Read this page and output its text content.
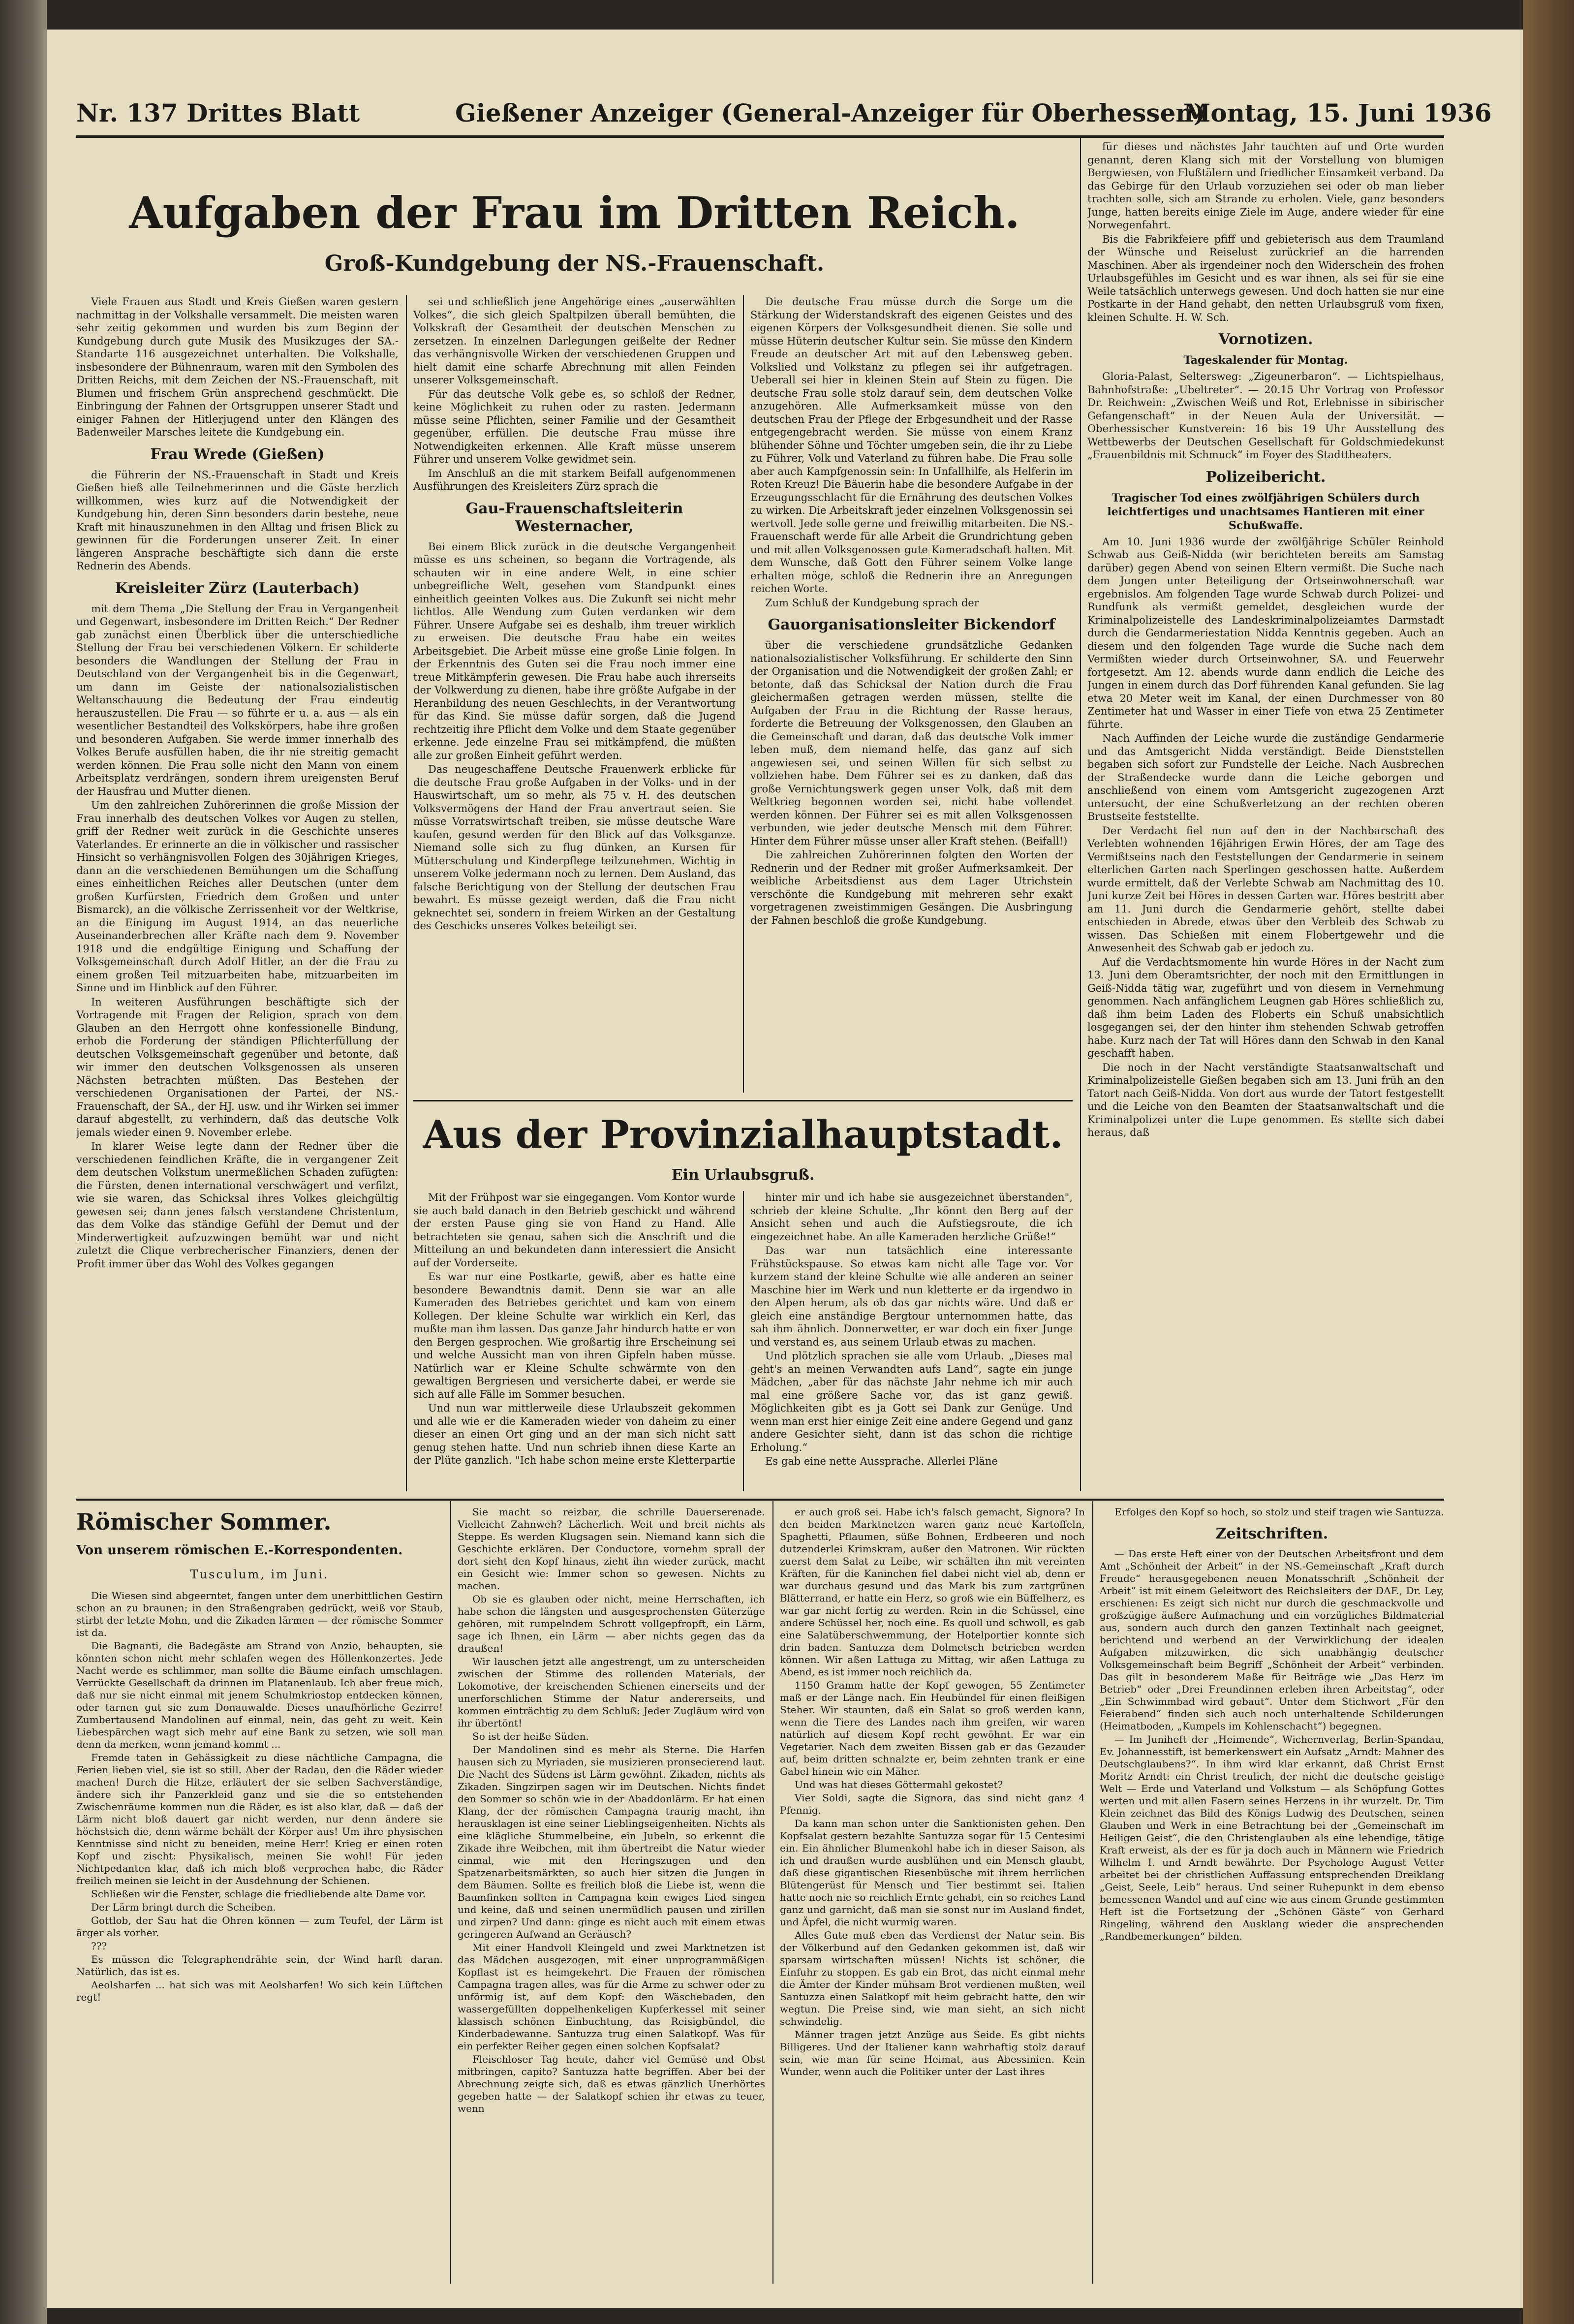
Nr. 137 Drittes Blatt	Gießener Anzeiger (General-Anzeiger für Oberhessen)
Montag, 15. Juni 1936
Aufgaben der Frau im Dritten Reich.
Groß-Kundgebung der NS.-Frauenschaft.

Viele Frauen aus Stadt und Kreis Gießen waren gestern nachmittag in der Volkshalle versammelt. Die meisten waren sehr zeitig gekommen und wurden bis zum Beginn der Kundgebung durch gute Musik des Musikzuges der SA.-Standarte 116 ausgezeichnet unterhalten. Die Volkshalle, insbesondere der Bühnenraum, waren mit den Symbolen des Dritten Reichs, mit dem Zeichen der NS.-Frauenschaft, mit Blumen und frischem Grün ansprechend geschmückt. Die Einbringung der Fahnen der Ortsgruppen unserer Stadt und einiger Fahnen der Hitlerjugend unter den Klängen des Badenweiler Marsches leitete die Kundgebung ein.

Frau Wrede (Gießen)

die Führerin der NS.-Frauenschaft in Stadt und Kreis Gießen hieß alle Teilnehmerinnen und die Gäste herzlich willkommen, wies kurz auf die Notwendigkeit der Kundgebung hin, deren Sinn besonders darin bestehe, neue Kraft mit hinauszunehmen in den Alltag und frisen Blick zu gewinnen für die Forderungen unserer Zeit. In einer längeren Ansprache beschäftigte sich dann die erste Rednerin des Abends.

Kreisleiter Zürz (Lauterbach)

mit dem Thema „Die Stellung der Frau in Vergangenheit und Gegenwart, insbesondere im Dritten Reich.“ Der Redner gab zunächst einen Überblick über die unterschiedliche Stellung der Frau bei verschiedenen Völkern. Er schilderte besonders die Wandlungen der Stellung der Frau in Deutschland von der Vergangenheit bis in die Gegenwart, um dann im Geiste der nationalsozialistischen Weltanschauung die Bedeutung der Frau eindeutig herauszustellen. Die Frau — so führte er u. a. aus — als ein wesentlicher Bestandteil des Volkskörpers, habe ihre großen und besonderen Aufgaben. Sie werde immer innerhalb des Volkes Berufe ausfüllen haben, die ihr nie streitig gemacht werden können. Die Frau solle nicht den Mann von einem Arbeitsplatz verdrängen, sondern ihrem ureigensten Beruf der Hausfrau und Mutter dienen.

Um den zahlreichen Zuhörerinnen die große Mission der Frau innerhalb des deutschen Volkes vor Augen zu stellen, griff der Redner weit zurück in die Geschichte unseres Vaterlandes. Er erinnerte an die in völkischer und rassischer Hinsicht so verhängnisvollen Folgen des 30jährigen Krieges, dann an die verschiedenen Bemühungen um die Schaffung eines einheitlichen Reiches aller Deutschen (unter dem großen Kurfürsten, Friedrich dem Großen und unter Bismarck), an die völkische Zerrissenheit vor der Weltkrise, an die Einigung im August 1914, an das neuerliche Auseinanderbrechen aller Kräfte nach dem 9. November 1918 und die endgültige Einigung und Schaffung der Volksgemeinschaft durch Adolf Hitler, an der die Frau zu einem großen Teil mitzuarbeiten habe, mitzuarbeiten im Sinne und im Hinblick auf den Führer.

In weiteren Ausführungen beschäftigte sich der Vortragende mit Fragen der Religion, sprach von dem Glauben an den Herrgott ohne konfessionelle Bindung, erhob die Forderung der ständigen Pflichterfüllung der deutschen Volksgemeinschaft gegenüber und betonte, daß wir immer den deutschen Volksgenossen als unseren Nächsten betrachten müßten. Das Bestehen der verschiedenen Organisationen der Partei, der NS.-Frauenschaft, der SA., der HJ. usw. und ihr Wirken sei immer darauf abgestellt, zu verhindern, daß das deutsche Volk jemals wieder einen 9. November erlebe.

In klarer Weise legte dann der Redner über die verschiedenen feindlichen Kräfte, die in vergangener Zeit dem deutschen Volkstum unermeßlichen Schaden zufügten: die Fürsten, denen international verschwägert und verfilzt, wie sie waren, das Schicksal ihres Volkes gleichgültig gewesen sei; dann jenes falsch verstandene Christentum, das dem Volke das ständige Gefühl der Demut und der Minderwertigkeit aufzuzwingen bemüht war und nicht zuletzt die Clique verbrecherischer Finanziers, denen der Profit immer über das Wohl des Volkes gegangen

sei und schließlich jene Angehörige eines „auserwählten Volkes“, die sich gleich Spaltpilzen überall bemühten, die Volkskraft der Gesamtheit der deutschen Menschen zu zersetzen. In einzelnen Darlegungen geißelte der Redner das verhängnisvolle Wirken der verschiedenen Gruppen und hielt damit eine scharfe Abrechnung mit allen Feinden unserer Volksgemeinschaft.

Für das deutsche Volk gebe es, so schloß der Redner, keine Möglichkeit zu ruhen oder zu rasten. Jedermann müsse seine Pflichten, seiner Familie und der Gesamtheit gegenüber, erfüllen. Die deutsche Frau müsse ihre Notwendigkeiten erkennen. Alle Kraft müsse unserem Führer und unserem Volke gewidmet sein.

Im Anschluß an die mit starkem Beifall aufgenommenen Ausführungen des Kreisleiters Zürz sprach die

Gau-Frauenschaftsleiterin Westernacher,

Bei einem Blick zurück in die deutsche Vergangenheit müsse es uns scheinen, so begann die Vortragende, als schauten wir in eine andere Welt, in eine schier unbegreifliche Welt, gesehen vom Standpunkt eines einheitlich geeinten Volkes aus. Die Zukunft sei nicht mehr lichtlos. Alle Wendung zum Guten verdanken wir dem Führer. Unsere Aufgabe sei es deshalb, ihm treuer wirklich zu erweisen. Die deutsche Frau habe ein weites Arbeitsgebiet. Die Arbeit müsse eine große Linie folgen. In der Erkenntnis des Guten sei die Frau noch immer eine treue Mitkämpferin gewesen. Die Frau habe auch ihrerseits der Volkwerdung zu dienen, habe ihre größte Aufgabe in der Heranbildung des neuen Geschlechts, in der Verantwortung für das Kind. Sie müsse dafür sorgen, daß die Jugend rechtzeitig ihre Pflicht dem Volke und dem Staate gegenüber erkenne. Jede einzelne Frau sei mitkämpfend, die müßten alle zur großen Einheit geführt werden.

Das neugeschaffene Deutsche Frauenwerk erblicke für die deutsche Frau große Aufgaben in der Volks- und in der Hauswirtschaft, um so mehr, als 75 v. H. des deutschen Volksvermögens der Hand der Frau anvertraut seien. Sie müsse Vorratswirtschaft treiben, sie müsse deutsche Ware kaufen, gesund werden für den Blick auf das Volksganze. Niemand solle sich zu flug dünken, an Kursen für Mütterschulung und Kinderpflege teilzunehmen. Wichtig in unserem Volke jedermann noch zu lernen. Dem Ausland, das falsche Berichtigung von der Stellung der deutschen Frau bewahrt. Es müsse gezeigt werden, daß die Frau nicht geknechtet sei, sondern in freiem Wirken an der Gestaltung des Geschicks unseres Volkes beteiligt sei.

Die deutsche Frau müsse durch die Sorge um die Stärkung der Widerstandskraft des eigenen Geistes und des eigenen Körpers der Volksgesundheit dienen. Sie solle und müsse Hüterin deutscher Kultur sein. Sie müsse den Kindern Freude an deutscher Art mit auf den Lebensweg geben. Volkslied und Volkstanz zu pflegen sei ihr aufgetragen. Ueberall sei hier in kleinen Stein auf Stein zu fügen. Die deutsche Frau solle stolz darauf sein, dem deutschen Volke anzugehören. Alle Aufmerksamkeit müsse von den deutschen Frau der Pflege der Erbgesundheit und der Rasse entgegengebracht werden. Sie müsse von einem Kranz blühender Söhne und Töchter umgeben sein, die ihr zu Liebe zu Führer, Volk und Vaterland zu führen habe. Die Frau solle aber auch Kampfgenossin sein: In Unfallhilfe, als Helferin im Roten Kreuz! Die Bäuerin habe die besondere Aufgabe in der Erzeugungsschlacht für die Ernährung des deutschen Volkes zu wirken. Die Arbeitskraft jeder einzelnen Volksgenossin sei wertvoll. Jede solle gerne und freiwillig mitarbeiten. Die NS.-Frauenschaft werde für alle Arbeit die Grundrichtung geben und mit allen Volksgenossen gute Kameradschaft halten. Mit dem Wunsche, daß Gott den Führer seinem Volke lange erhalten möge, schloß die Rednerin ihre an Anregungen reichen Worte.

Zum Schluß der Kundgebung sprach der

Gauorganisationsleiter Bickendorf

über die verschiedene grundsätzliche Gedanken nationalsozialistischer Volksführung. Er schilderte den Sinn der Organisation und die Notwendigkeit der großen Zahl; er betonte, daß das Schicksal der Nation durch die Frau gleichermaßen getragen werden müssen, stellte die Aufgaben der Frau in die Richtung der Rasse heraus, forderte die Betreuung der Volksgenossen, den Glauben an die Gemeinschaft und daran, daß das deutsche Volk immer leben muß, dem niemand helfe, das ganz auf sich angewiesen sei, und seinen Willen für sich selbst zu vollziehen habe. Dem Führer sei es zu danken, daß das große Vernichtungswerk gegen unser Volk, daß mit dem Weltkrieg begonnen worden sei, nicht habe vollendet werden können. Der Führer sei es mit allen Volksgenossen verbunden, wie jeder deutsche Mensch mit dem Führer. Hinter dem Führer müsse unser aller Kraft stehen. (Beifall!)

Die zahlreichen Zuhörerinnen folgten den Worten der Rednerin und der Redner mit großer Aufmerksamkeit. Der weibliche Arbeitsdienst aus dem Lager Utrichstein verschönte die Kundgebung mit mehreren sehr exakt vorgetragenen zweistimmigen Gesängen. Die Ausbringung der Fahnen beschloß die große Kundgebung.

Aus der Provinzialhauptstadt.
Ein Urlaubsgruß.

Mit der Frühpost war sie eingegangen. Vom Kontor wurde sie auch bald danach in den Betrieb geschickt und während der ersten Pause ging sie von Hand zu Hand. Alle betrachteten sie genau, sahen sich die Anschrift und die Mitteilung an und bekundeten dann interessiert die Ansicht auf der Vorderseite.

Es war nur eine Postkarte, gewiß, aber es hatte eine besondere Bewandtnis damit. Denn sie war an alle Kameraden des Betriebes gerichtet und kam von einem Kollegen. Der kleine Schulte war wirklich ein Kerl, das mußte man ihm lassen. Das ganze Jahr hindurch hatte er von den Bergen gesprochen. Wie großartig ihre Erscheinung sei und welche Aussicht man von ihren Gipfeln haben müsse. Natürlich war er Kleine Schulte schwärmte von den gewaltigen Bergriesen und versicherte dabei, er werde sie sich auf alle Fälle im Sommer besuchen.

Und nun war mittlerweile diese Urlaubszeit gekommen und alle wie er die Kameraden wieder von daheim zu einer dieser an einen Ort ging und an der man sich nicht satt genug stehen hatte. Und nun schrieb ihnen diese Karte an der Plüte ganzlich. "Ich habe schon meine erste Kletterpartie

hinter mir und ich habe sie ausgezeichnet überstanden", schrieb der kleine Schulte. „Ihr könnt den Berg auf der Ansicht sehen und auch die Aufstiegsroute, die ich eingezeichnet habe. An alle Kameraden herzliche Grüße!“

Das war nun tatsächlich eine interessante Frühstückspause. So etwas kam nicht alle Tage vor. Vor kurzem stand der kleine Schulte wie alle anderen an seiner Maschine hier im Werk und nun kletterte er da irgendwo in den Alpen herum, als ob das gar nichts wäre. Und daß er gleich eine anständige Bergtour unternommen hatte, das sah ihm ähnlich. Donnerwetter, er war doch ein fixer Junge und verstand es, aus seinem Urlaub etwas zu machen.

Und plötzlich sprachen sie alle vom Urlaub. „Dieses mal geht's an meinen Verwandten aufs Land“, sagte ein junge Mädchen, „aber für das nächste Jahr nehme ich mir auch mal eine größere Sache vor, das ist ganz gewiß. Möglichkeiten gibt es ja Gott sei Dank zur Genüge. Und wenn man erst hier einige Zeit eine andere Gegend und ganz andere Gesichter sieht, dann ist das schon die richtige Erholung.“

Es gab eine nette Aussprache. Allerlei Pläne

für dieses und nächstes Jahr tauchten auf und Orte wurden genannt, deren Klang sich mit der Vorstellung von blumigen Bergwiesen, von Flußtälern und friedlicher Einsamkeit verband. Da das Gebirge für den Urlaub vorzuziehen sei oder ob man lieber trachten solle, sich am Strande zu erholen. Viele, ganz besonders Junge, hatten bereits einige Ziele im Auge, andere wieder für eine Norwegenfahrt.

Bis die Fabrikfeiere pfiff und gebieterisch aus dem Traumland der Wünsche und Reiselust zurückrief an die harrenden Maschinen. Aber als irgendeiner noch den Widerschein des frohen Urlaubsgefühles im Gesicht und es war ihnen, als sei für sie eine Weile tatsächlich unterwegs gewesen. Und doch hatten sie nur eine Postkarte in der Hand gehabt, den netten Urlaubsgruß vom fixen, kleinen Schulte. H. W. Sch.

Vornotizen.
Tageskalender für Montag.

Gloria-Palast, Seltersweg: „Zigeunerbaron“. — Lichtspielhaus, Bahnhofstraße: „Ubeltreter“. — 20.15 Uhr Vortrag von Professor Dr. Reichwein: „Zwischen Weiß und Rot, Erlebnisse in sibirischer Gefangenschaft“ in der Neuen Aula der Universität. — Oberhessischer Kunstverein: 16 bis 19 Uhr Ausstellung des Wettbewerbs der Deutschen Gesellschaft für Goldschmiedekunst „Frauenbildnis mit Schmuck“ im Foyer des Stadttheaters.

Polizeibericht.
Tragischer Tod eines zwölfjährigen Schülers durch leichtfertiges und unachtsames Hantieren mit einer Schußwaffe.

Am 10. Juni 1936 wurde der zwölfjährige Schüler Reinhold Schwab aus Geiß-Nidda (wir berichteten bereits am Samstag darüber) gegen Abend von seinen Eltern vermißt. Die Suche nach dem Jungen unter Beteiligung der Ortseinwohnerschaft war ergebnislos. Am folgenden Tage wurde Schwab durch Polizei- und Rundfunk als vermißt gemeldet, desgleichen wurde der Kriminalpolizeistelle des Landeskriminalpolizeiamtes Darmstadt durch die Gendarmeriestation Nidda Kenntnis gegeben. Auch an diesem und den folgenden Tage wurde die Suche nach dem Vermißten wieder durch Ortseinwohner, SA. und Feuerwehr fortgesetzt. Am 12. abends wurde dann endlich die Leiche des Jungen in einem durch das Dorf führenden Kanal gefunden. Sie lag etwa 20 Meter weit im Kanal, der einen Durchmesser von 80 Zentimeter hat und Wasser in einer Tiefe von etwa 25 Zentimeter führte.

Nach Auffinden der Leiche wurde die zuständige Gendarmerie und das Amtsgericht Nidda verständigt. Beide Dienststellen begaben sich sofort zur Fundstelle der Leiche. Nach Ausbrechen der Straßendecke wurde dann die Leiche geborgen und anschließend von einem vom Amtsgericht zugezogenen Arzt untersucht, der eine Schußverletzung an der rechten oberen Brustseite feststellte.

Der Verdacht fiel nun auf den in der Nachbarschaft des Verlebten wohnenden 16jährigen Erwin Höres, der am Tage des Vermißtseins nach den Feststellungen der Gendarmerie in seinem elterlichen Garten nach Sperlingen geschossen hatte. Außerdem wurde ermittelt, daß der Verlebte Schwab am Nachmittag des 10. Juni kurze Zeit bei Höres in dessen Garten war. Höres bestritt aber am 11. Juni durch die Gendarmerie gehört, stellte dabei entschieden in Abrede, etwas über den Verbleib des Schwab zu wissen. Das Schießen mit einem Flobertgewehr und die Anwesenheit des Schwab gab er jedoch zu.

Auf die Verdachtsmomente hin wurde Höres in der Nacht zum 13. Juni dem Oberamtsrichter, der noch mit den Ermittlungen in Geiß-Nidda tätig war, zugeführt und von diesem in Vernehmung genommen. Nach anfänglichem Leugnen gab Höres schließlich zu, daß ihm beim Laden des Floberts ein Schuß unabsichtlich losgegangen sei, der den hinter ihm stehenden Schwab getroffen habe. Kurz nach der Tat will Höres dann den Schwab in den Kanal geschafft haben.

Die noch in der Nacht verständigte Staatsanwaltschaft und Kriminalpolizeistelle Gießen begaben sich am 13. Juni früh an den Tatort nach Geiß-Nidda. Von dort aus wurde der Tatort festgestellt und die Leiche von den Beamten der Staatsanwaltschaft und die Kriminalpolizei unter die Lupe genommen. Es stellte sich dabei heraus, daß

Römischer Sommer.
Von unserem römischen E.-Korrespondenten.
Tusculum, im Juni.

Die Wiesen sind abgeerntet, fangen unter dem unerbittlichen Gestirn schon an zu braunen; in den Straßengraben gedrückt, weiß vor Staub, stirbt der letzte Mohn, und die Zikaden lärmen — der römische Sommer ist da.

Die Bagnanti, die Badegäste am Strand von Anzio, behaupten, sie könnten schon nicht mehr schlafen wegen des Höllenkonzertes. Jede Nacht werde es schlimmer, man sollte die Bäume einfach umschlagen. Verrückte Gesellschaft da drinnen im Platanenlaub. Ich aber freue mich, daß nur sie nicht einmal mit jenem Schulmkriostop entdecken können, oder tarnen gut sie zum Donauwalde. Dieses unaufhörliche Gezirre! Zumbertausend Mandolinen auf einmal, nein, das geht zu weit. Kein Liebespärchen wagt sich mehr auf eine Bank zu setzen, wie soll man denn da merken, wenn jemand kommt ...

Fremde taten in Gehässigkeit zu diese nächtliche Campagna, die Ferien lieben viel, sie ist so still. Aber der Radau, den die Räder wieder machen! Durch die Hitze, erläutert der sie selben Sachverständige, ändere sich ihr Panzerkleid ganz und sie die so entstehenden Zwischenräume kommen nun die Räder, es ist also klar, daß — daß der Lärm nicht bloß dauert gar nicht werden, nur denn ändere sie höchstsich die, denn wärme behält der Körper aus! Um ihre physischen Kenntnisse sind nicht zu beneiden, meine Herr! Krieg er einen roten Kopf und zischt: Physikalisch, meinen Sie wohl! Für jeden Nichtpedanten klar, daß ich mich bloß verprochen habe, die Räder freilich meinen sie leicht in der Ausdehnung der Schienen.

Schließen wir die Fenster, schlage die friedliebende alte Dame vor.

Der Lärm bringt durch die Scheiben.

Gottlob, der Sau hat die Ohren können — zum Teufel, der Lärm ist ärger als vorher.

???

Es müssen die Telegraphendrähte sein, der Wind harft daran. Natürlich, das ist es.

Aeolsharfen ... hat sich was mit Aeolsharfen! Wo sich kein Lüftchen regt!

Sie macht so reizbar, die schrille Dauerserenade. Vielleicht Zahnweh? Lächerlich. Weit und breit nichts als Steppe. Es werden Klugsagen sein. Niemand kann sich die Geschichte erklären. Der Conductore, vornehm sprall der dort sieht den Kopf hinaus, zieht ihn wieder zurück, macht ein Gesicht wie: Immer schon so gewesen. Nichts zu machen.

Ob sie es glauben oder nicht, meine Herrschaften, ich habe schon die längsten und ausgesprochensten Güterzüge gehören, mit rumpelndem Schrott vollgepfropft, ein Lärm, sage ich Ihnen, ein Lärm — aber nichts gegen das da draußen!

Wir lauschen jetzt alle angestrengt, um zu unterscheiden zwischen der Stimme des rollenden Materials, der Lokomotive, der kreischenden Schienen einerseits und der unerforschlichen Stimme der Natur andererseits, und kommen einträchtig zu dem Schluß: Jeder Zugläum wird von ihr übertönt!

So ist der heiße Süden.

Der Mandolinen sind es mehr als Sterne. Die Harfen hausen sich zu Myriaden, sie musizieren pronsecierend laut. Die Nacht des Südens ist Lärm gewöhnt. Zikaden, nichts als Zikaden. Singzirpen sagen wir im Deutschen. Nichts findet den Sommer so schön wie in der Abaddonlärm. Er hat einen Klang, der der römischen Campagna traurig macht, ihn herausklagen ist eine seiner Lieblingseigenheiten. Nichts als eine klägliche Stummelbeine, ein Jubeln, so erkennt die Zikade ihre Weibchen, mit ihm übertreibt die Natur wieder einmal, wie mit den Heringszugen und den Spatzenarbeitsmärkten, so auch hier sitzen die Jungen in dem Bäumen. Sollte es freilich bloß die Liebe ist, wenn die Baumfinken sollten in Campagna kein ewiges Lied singen und keine, daß und seinen unermüdlich pausen und zirillen und zirpen? Und dann: ginge es nicht auch mit einem etwas geringeren Aufwand an Geräusch?

Mit einer Handvoll Kleingeld und zwei Marktnetzen ist das Mädchen ausgezogen, mit einer unprogrammäßigen Kopflast ist es heimgekehrt. Die Frauen der römischen Campagna tragen alles, was für die Arme zu schwer oder zu unförmig ist, auf dem Kopf: den Wäschebaden, den wassergefüllten doppelhenkeligen Kupferkessel mit seiner klassisch schönen Einbuchtung, das Reisigbündel, die Kinderbadewanne. Santuzza trug einen Salatkopf. Was für ein perfekter Reiher gegen einen solchen Kopfsalat?

Fleischloser Tag heute, daher viel Gemüse und Obst mitbringen, capito? Santuzza hatte begriffen. Aber bei der Abrechnung zeigte sich, daß es etwas gänzlich Unerhörtes gegeben hatte — der Salatkopf schien ihr etwas zu teuer, wenn

er auch groß sei. Habe ich's falsch gemacht, Signora? In den beiden Marktnetzen waren ganz neue Kartoffeln, Spaghetti, Pflaumen, süße Bohnen, Erdbeeren und noch dutzenderlei Krimskram, außer den Matronen. Wir rückten zuerst dem Salat zu Leibe, wir schälten ihn mit vereinten Kräften, für die Kaninchen fiel dabei nicht viel ab, denn er war durchaus gesund und das Mark bis zum zartgrünen Blätterrand, er hatte ein Herz, so groß wie ein Büffelherz, es war gar nicht fertig zu werden. Rein in die Schüssel, eine andere Schüssel her, noch eine. Es quoll und schwoll, es gab eine Salatüberschwemmung, der Hotelportier konnte sich drin baden. Santuzza dem Dolmetsch betrieben werden können. Wir aßen Lattuga zu Mittag, wir aßen Lattuga zu Abend, es ist immer noch reichlich da.

1150 Gramm hatte der Kopf gewogen, 55 Zentimeter maß er der Länge nach. Ein Heubündel für einen fleißigen Steher. Wir staunten, daß ein Salat so groß werden kann, wenn die Tiere des Landes nach ihm greifen, wir waren natürlich auf diesem Kopf recht gewöhnt. Er war ein Vegetarier. Nach dem zweiten Bissen gab er das Gezauder auf, beim dritten schnalzte er, beim zehnten trank er eine Gabel hinein wie ein Mäher.

Und was hat dieses Göttermahl gekostet?

Vier Soldi, sagte die Signora, das sind nicht ganz 4 Pfennig.

Da kann man schon unter die Sanktionisten gehen. Den Kopfsalat gestern bezahlte Santuzza sogar für 15 Centesimi ein. Ein ähnlicher Blumenkohl habe ich in dieser Saison, als ich und draußen wurde ausblühen und ein Mensch glaubt, daß diese gigantischen Riesenbüsche mit ihrem herrlichen Blütengerüst für Mensch und Tier bestimmt sei. Italien hatte noch nie so reichlich Ernte gehabt, ein so reiches Land ganz und garnicht, daß man sie sonst nur im Ausland findet, und Äpfel, die nicht wurmig waren.

Alles Gute muß eben das Verdienst der Natur sein. Bis der Völkerbund auf den Gedanken gekommen ist, daß wir sparsam wirtschaften müssen! Nichts ist schöner, die Einfuhr zu stoppen. Es gab ein Brot, das nicht einmal mehr die Ämter der Kinder mühsam Brot verdienen mußten, weil Santuzza einen Salatkopf mit heim gebracht hatte, den wir wegtun. Die Preise sind, wie man sieht, an sich nicht schwindelig.

Männer tragen jetzt Anzüge aus Seide. Es gibt nichts Billigeres. Und der Italiener kann wahrhaftig stolz darauf sein, wie man für seine Heimat, aus Abessinien. Kein Wunder, wenn auch die Politiker unter der Last ihres

Erfolges den Kopf so hoch, so stolz und steif tragen wie Santuzza.

Zeitschriften.

— Das erste Heft einer von der Deutschen Arbeitsfront und dem Amt „Schönheit der Arbeit“ in der NS.-Gemeinschaft „Kraft durch Freude“ herausgegebenen neuen Monatsschrift „Schönheit der Arbeit“ ist mit einem Geleitwort des Reichsleiters der DAF., Dr. Ley, erschienen: Es zeigt sich nicht nur durch die geschmackvolle und großzügige äußere Aufmachung und ein vorzügliches Bildmaterial aus, sondern auch durch den ganzen Textinhalt nach geeignet, berichtend und werbend an der Verwirklichung der idealen Aufgaben mitzuwirken, die sich unabhängig deutscher Volksgemeinschaft beim Begriff „Schönheit der Arbeit“ verbinden. Das gilt in besonderem Maße für Beiträge wie „Das Herz im Betrieb“ oder „Drei Freundinnen erleben ihren Arbeitstag“, oder „Ein Schwimmbad wird gebaut“. Unter dem Stichwort „Für den Feierabend“ finden sich auch noch unterhaltende Schilderungen (Heimatboden, „Kumpels im Kohlenschacht“) begegnen.

— Im Juniheft der „Heimende“, Wichernverlag, Berlin-Spandau, Ev. Johannesstift, ist bemerkenswert ein Aufsatz „Arndt: Mahner des Deutschglaubens?“. In ihm wird klar erkannt, daß Christ Ernst Moritz Arndt: ein Christ treulich, der nicht die deutsche geistige Welt — Erde und Vaterland und Volkstum — als Schöpfung Gottes werten und mit allen Fasern seines Herzens in ihr wurzelt. Dr. Tim Klein zeichnet das Bild des Königs Ludwig des Deutschen, seinen Glauben und Werk in eine Betrachtung bei der „Gemeinschaft im Heiligen Geist“, die den Christenglauben als eine lebendige, tätige Kraft erweist, als der es für ja doch auch in Männern wie Friedrich Wilhelm I. und Arndt bewährte. Der Psychologe August Vetter arbeitet bei der christlichen Auffassung entsprechenden Dreiklang „Geist, Seele, Leib“ heraus. Und seiner Ruhepunkt in dem ebenso bemessenen Wandel und auf eine wie aus einem Grunde gestimmten Heft ist die Fortsetzung der „Schönen Gäste“ von Gerhard Ringeling, während den Ausklang wieder die ansprechenden „Randbemerkungen“ bilden.
